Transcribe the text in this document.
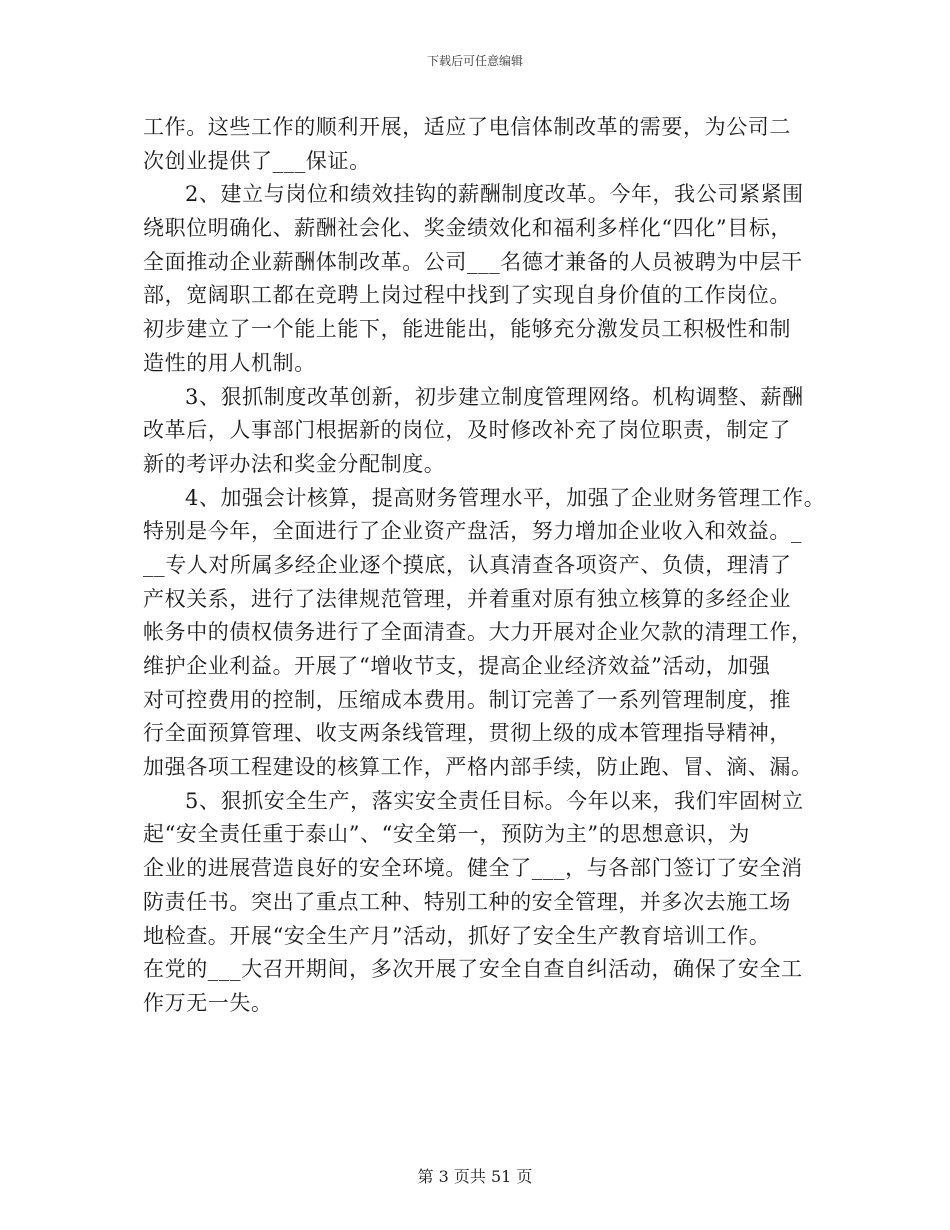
下载后可任意编辑
工作。这些工作的顺利开展，适应了电信体制改革的需要，为公司二
次创业提供了___保证。
2、建立与岗位和绩效挂钩的薪酬制度改革。今年，我公司紧紧围
绕职位明确化、薪酬社会化、奖金绩效化和福利多样化“四化”目标，
全面推动企业薪酬体制改革。公司___名德才兼备的人员被聘为中层干
部，宽阔职工都在竞聘上岗过程中找到了实现自身价值的工作岗位。
初步建立了一个能上能下，能进能出，能够充分激发员工积极性和制
造性的用人机制。
3、狠抓制度改革创新，初步建立制度管理网络。机构调整、薪酬
改革后，人事部门根据新的岗位，及时修改补充了岗位职责，制定了
新的考评办法和奖金分配制度。
4、加强会计核算，提高财务管理水平，加强了企业财务管理工作。
特别是今年，全面进行了企业资产盘活，努力增加企业收入和效益。_
__专人对所属多经企业逐个摸底，认真清查各项资产、负债，理清了
产权关系，进行了法律规范管理，并着重对原有独立核算的多经企业
帐务中的债权债务进行了全面清查。大力开展对企业欠款的清理工作，
维护企业利益。开展了“增收节支，提高企业经济效益”活动，加强
对可控费用的控制，压缩成本费用。制订完善了一系列管理制度，推
行全面预算管理、收支两条线管理，贯彻上级的成本管理指导精神，
加强各项工程建设的核算工作，严格内部手续，防止跑、冒、滴、漏。
5、狠抓安全生产，落实安全责任目标。今年以来，我们牢固树立
起“安全责任重于泰山”、“安全第一，预防为主”的思想意识，为
企业的进展营造良好的安全环境。健全了___，与各部门签订了安全消
防责任书。突出了重点工种、特别工种的安全管理，并多次去施工场
地检查。开展“安全生产月”活动，抓好了安全生产教育培训工作。
在党的___大召开期间，多次开展了安全自查自纠活动，确保了安全工
作万无一失。
第 3 页共 51 页
